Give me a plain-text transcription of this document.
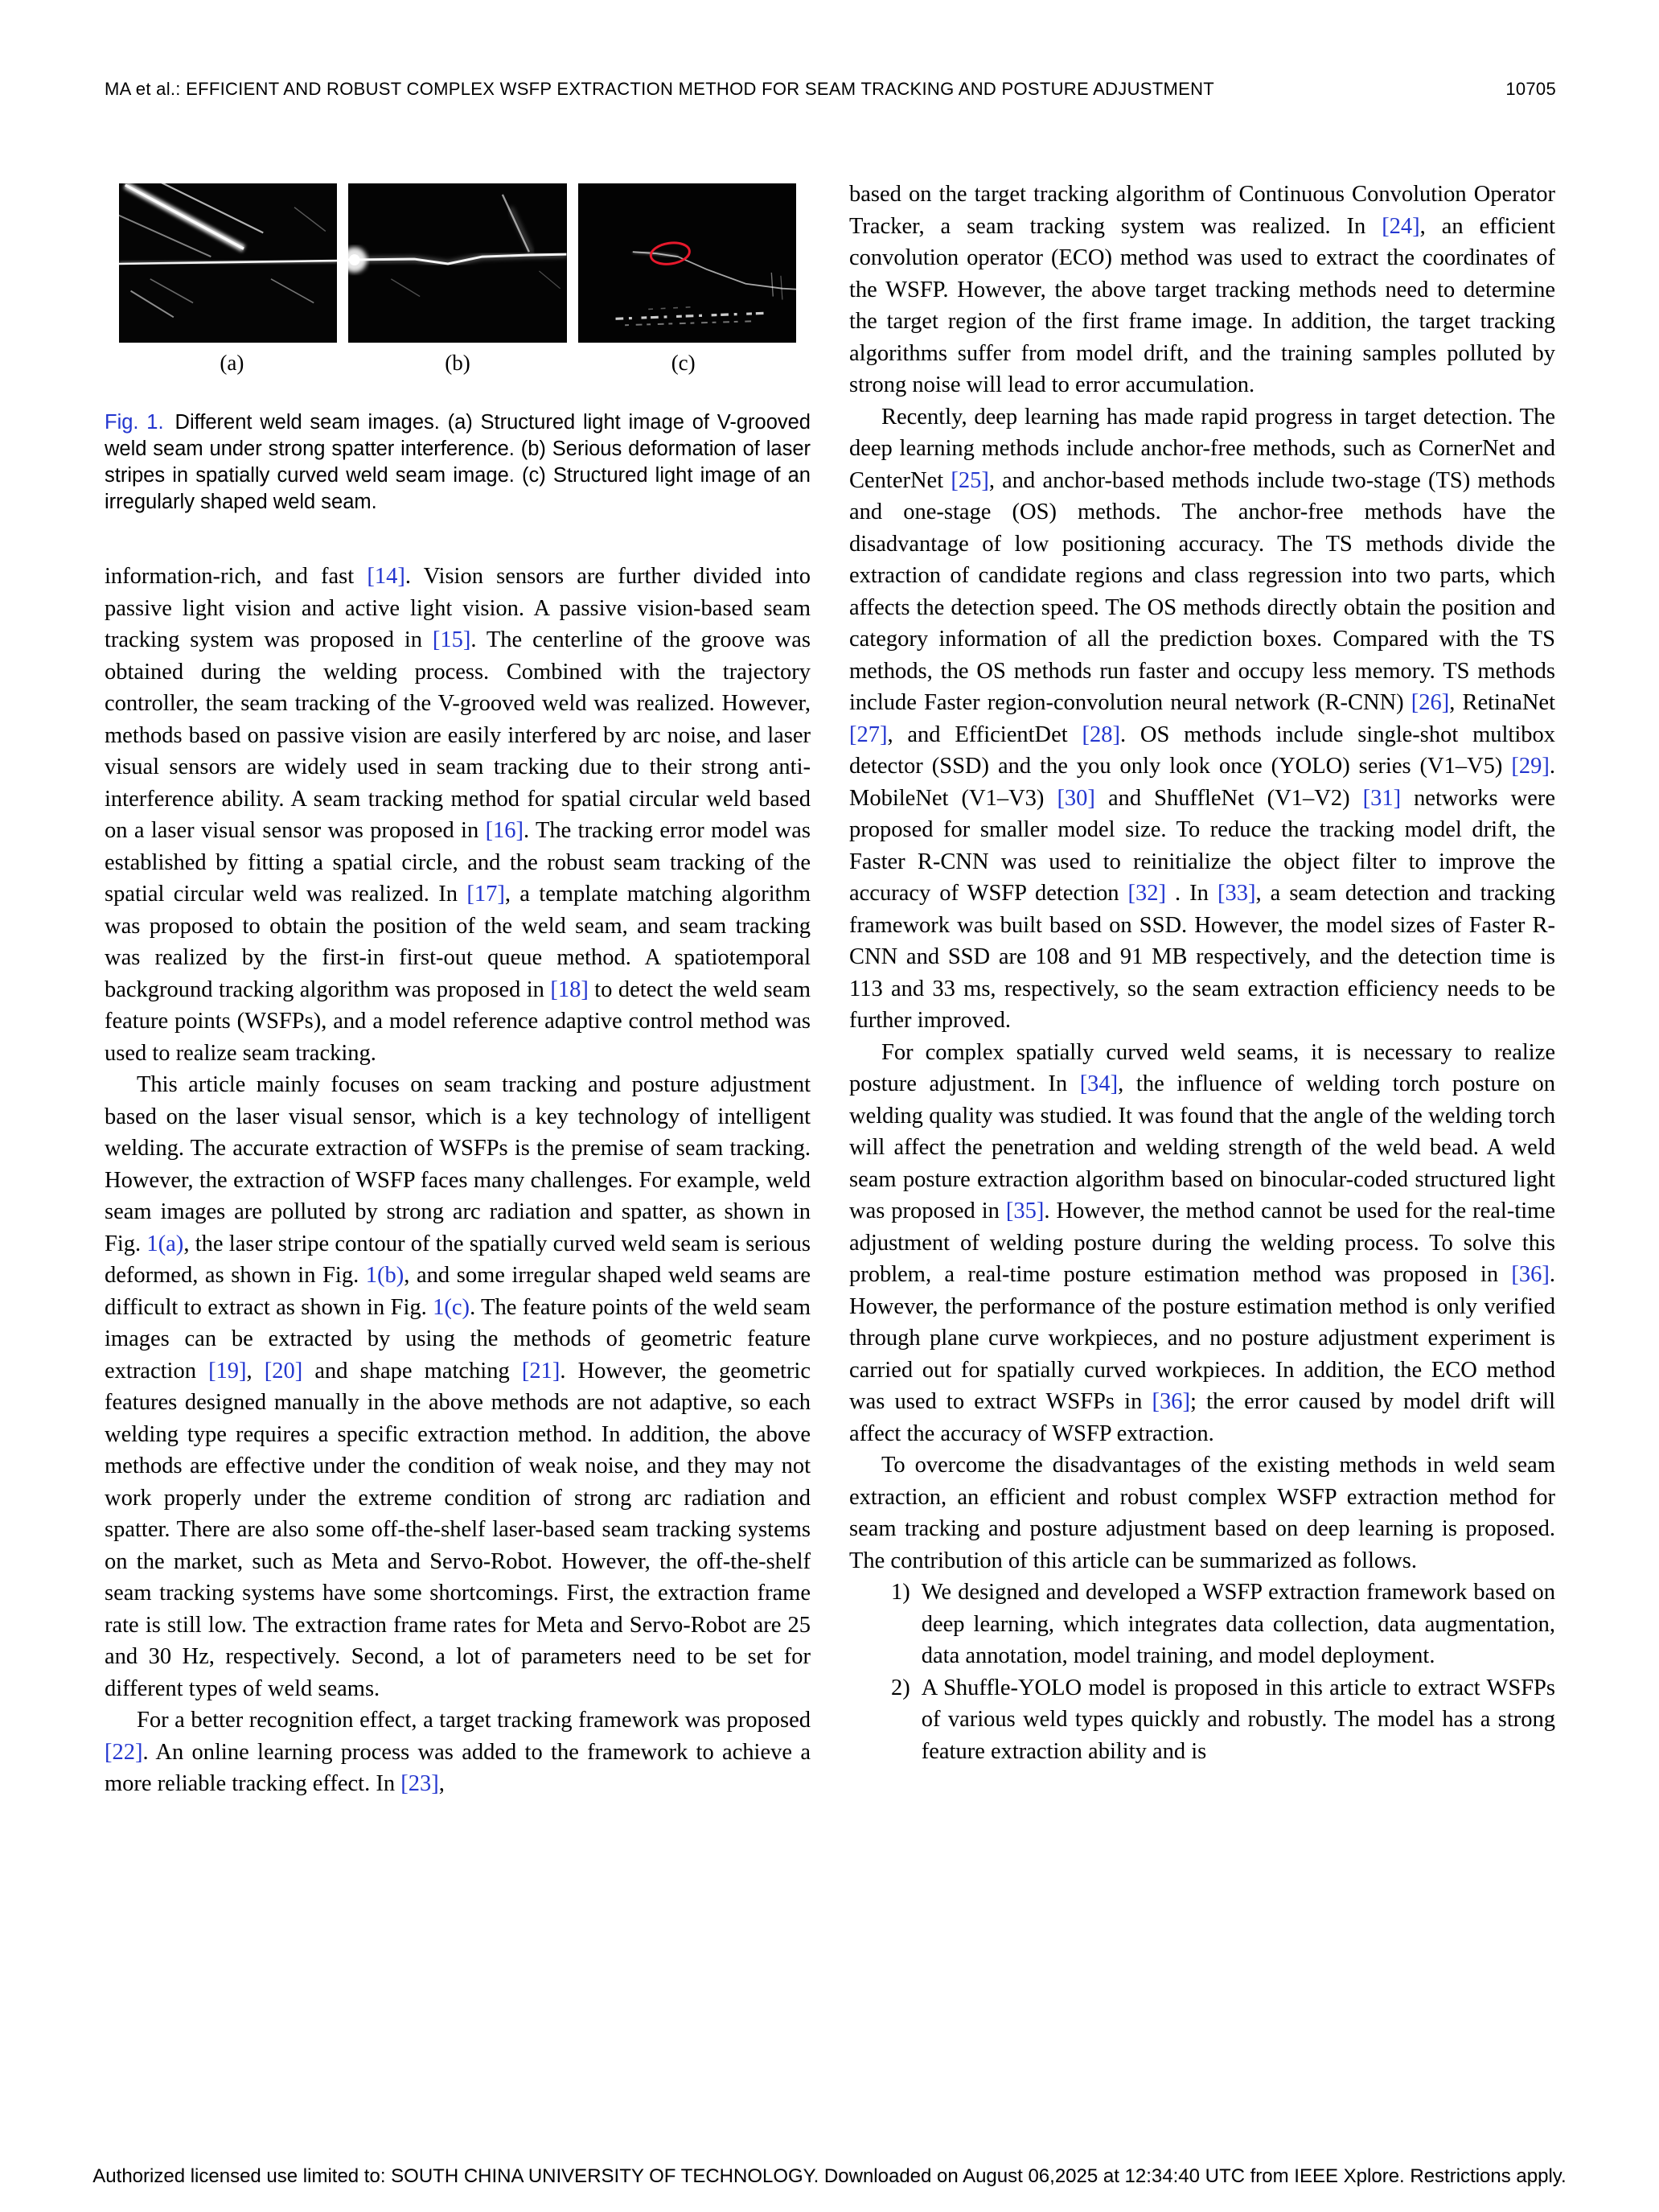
MA et al.: EFFICIENT AND ROBUST COMPLEX WSFP EXTRACTION METHOD FOR SEAM TRACKING AND POSTURE ADJUSTMENT	10705
(a)	(b)	(c)
Fig. 1. Different weld seam images. (a) Structured light image of V-grooved weld seam under strong spatter interference. (b) Serious deformation of laser stripes in spatially curved weld seam image. (c) Structured light image of an irregularly shaped weld seam.

information-rich, and fast [14]. Vision sensors are further divided into passive light vision and active light vision. A passive vision-based seam tracking system was proposed in [15]. The centerline of the groove was obtained during the welding process. Combined with the trajectory controller, the seam tracking of the V-grooved weld was realized. However, methods based on passive vision are easily interfered by arc noise, and laser visual sensors are widely used in seam tracking due to their strong anti-interference ability. A seam tracking method for spatial circular weld based on a laser visual sensor was proposed in [16]. The tracking error model was established by fitting a spatial circle, and the robust seam tracking of the spatial circular weld was realized. In [17], a template matching algorithm was proposed to obtain the position of the weld seam, and seam tracking was realized by the first-in first-out queue method. A spatiotemporal background tracking algorithm was proposed in [18] to detect the weld seam feature points (WSFPs), and a model reference adaptive control method was used to realize seam tracking.

This article mainly focuses on seam tracking and posture adjustment based on the laser visual sensor, which is a key technology of intelligent welding. The accurate extraction of WSFPs is the premise of seam tracking. However, the extraction of WSFP faces many challenges. For example, weld seam images are polluted by strong arc radiation and spatter, as shown in Fig. 1(a), the laser stripe contour of the spatially curved weld seam is serious deformed, as shown in Fig. 1(b), and some irregular shaped weld seams are difficult to extract as shown in Fig. 1(c). The feature points of the weld seam images can be extracted by using the methods of geometric feature extraction [19], [20] and shape matching [21]. However, the geometric features designed manually in the above methods are not adaptive, so each welding type requires a specific extraction method. In addition, the above methods are effective under the condition of weak noise, and they may not work properly under the extreme condition of strong arc radiation and spatter. There are also some off-the-shelf laser-based seam tracking systems on the market, such as Meta and Servo-Robot. However, the off-the-shelf seam tracking systems have some shortcomings. First, the extraction frame rate is still low. The extraction frame rates for Meta and Servo-Robot are 25 and 30 Hz, respectively. Second, a lot of parameters need to be set for different types of weld seams.

For a better recognition effect, a target tracking framework was proposed [22]. An online learning process was added to the framework to achieve a more reliable tracking effect. In [23],

based on the target tracking algorithm of Continuous Convolution Operator Tracker, a seam tracking system was realized. In [24], an efficient convolution operator (ECO) method was used to extract the coordinates of the WSFP. However, the above target tracking methods need to determine the target region of the first frame image. In addition, the target tracking algorithms suffer from model drift, and the training samples polluted by strong noise will lead to error accumulation.

Recently, deep learning has made rapid progress in target detection. The deep learning methods include anchor-free methods, such as CornerNet and CenterNet [25], and anchor-based methods include two-stage (TS) methods and one-stage (OS) methods. The anchor-free methods have the disadvantage of low positioning accuracy. The TS methods divide the extraction of candidate regions and class regression into two parts, which affects the detection speed. The OS methods directly obtain the position and category information of all the prediction boxes. Compared with the TS methods, the OS methods run faster and occupy less memory. TS methods include Faster region-convolution neural network (R-CNN) [26], RetinaNet [27], and EfficientDet [28]. OS methods include single-shot multibox detector (SSD) and the you only look once (YOLO) series (V1–V5) [29]. MobileNet (V1–V3) [30] and ShuffleNet (V1–V2) [31] networks were proposed for smaller model size. To reduce the tracking model drift, the Faster R-CNN was used to reinitialize the object filter to improve the accuracy of WSFP detection [32] . In [33], a seam detection and tracking framework was built based on SSD. However, the model sizes of Faster R-CNN and SSD are 108 and 91 MB respectively, and the detection time is 113 and 33 ms, respectively, so the seam extraction efficiency needs to be further improved.

For complex spatially curved weld seams, it is necessary to realize posture adjustment. In [34], the influence of welding torch posture on welding quality was studied. It was found that the angle of the welding torch will affect the penetration and welding strength of the weld bead. A weld seam posture extraction algorithm based on binocular-coded structured light was proposed in [35]. However, the method cannot be used for the real-time adjustment of welding posture during the welding process. To solve this problem, a real-time posture estimation method was proposed in [36]. However, the performance of the posture estimation method is only verified through plane curve workpieces, and no posture adjustment experiment is carried out for spatially curved workpieces. In addition, the ECO method was used to extract WSFPs in [36]; the error caused by model drift will affect the accuracy of WSFP extraction.

To overcome the disadvantages of the existing methods in weld seam extraction, an efficient and robust complex WSFP extraction method for seam tracking and posture adjustment based on deep learning is proposed. The contribution of this article can be summarized as follows.

1) We designed and developed a WSFP extraction framework based on deep learning, which integrates data collection, data augmentation, data annotation, model training, and model deployment.
2) A Shuffle-YOLO model is proposed in this article to extract WSFPs of various weld types quickly and robustly. The model has a strong feature extraction ability and is
Authorized licensed use limited to: SOUTH CHINA UNIVERSITY OF TECHNOLOGY. Downloaded on August 06,2025 at 12:34:40 UTC from IEEE Xplore. Restrictions apply.
